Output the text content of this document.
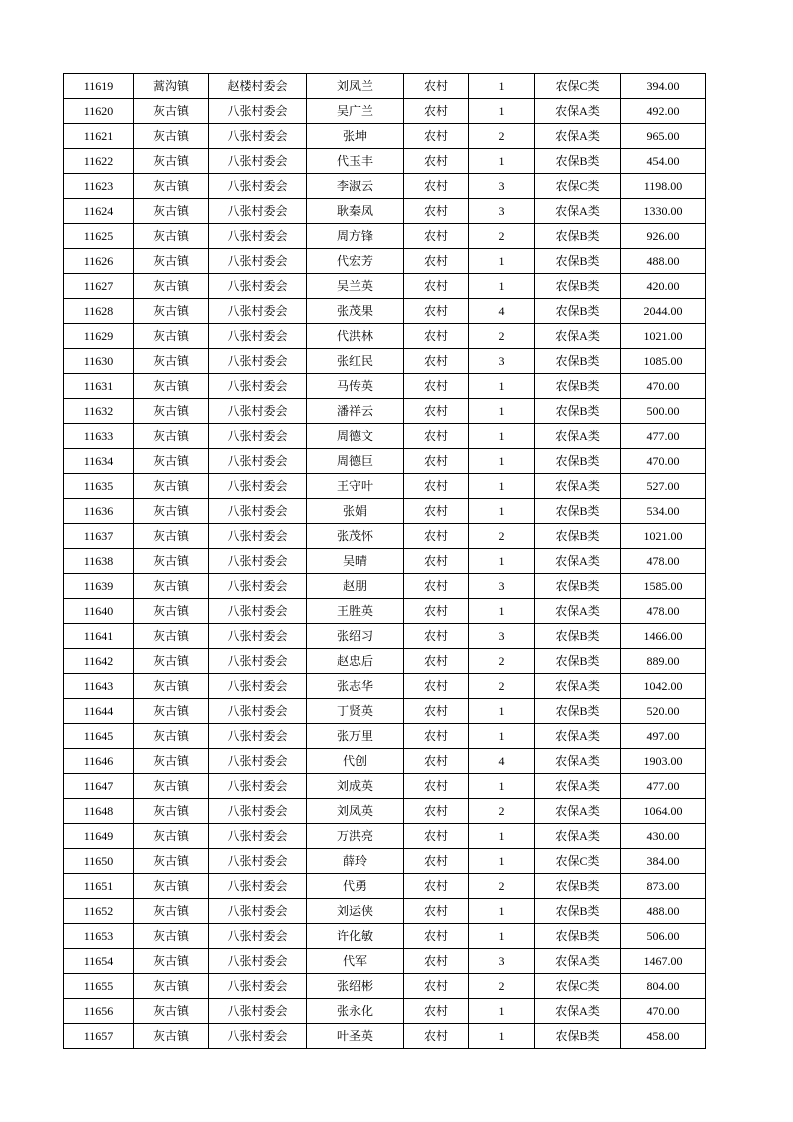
11619	蒿沟镇	赵楼村委会	刘凤兰	农村	1	农保C类	394.00
11620	灰古镇	八张村委会	吴广兰	农村	1	农保A类	492.00
11621	灰古镇	八张村委会	张坤	农村	2	农保A类	965.00
11622	灰古镇	八张村委会	代玉丰	农村	1	农保B类	454.00
11623	灰古镇	八张村委会	李淑云	农村	3	农保C类	1198.00
11624	灰古镇	八张村委会	耿秦凤	农村	3	农保A类	1330.00
11625	灰古镇	八张村委会	周方锋	农村	2	农保B类	926.00
11626	灰古镇	八张村委会	代宏芳	农村	1	农保B类	488.00
11627	灰古镇	八张村委会	吴兰英	农村	1	农保B类	420.00
11628	灰古镇	八张村委会	张茂果	农村	4	农保B类	2044.00
11629	灰古镇	八张村委会	代洪林	农村	2	农保A类	1021.00
11630	灰古镇	八张村委会	张红民	农村	3	农保B类	1085.00
11631	灰古镇	八张村委会	马传英	农村	1	农保B类	470.00
11632	灰古镇	八张村委会	潘祥云	农村	1	农保B类	500.00
11633	灰古镇	八张村委会	周德文	农村	1	农保A类	477.00
11634	灰古镇	八张村委会	周德巨	农村	1	农保B类	470.00
11635	灰古镇	八张村委会	王守叶	农村	1	农保A类	527.00
11636	灰古镇	八张村委会	张娟	农村	1	农保B类	534.00
11637	灰古镇	八张村委会	张茂怀	农村	2	农保B类	1021.00
11638	灰古镇	八张村委会	吴晴	农村	1	农保A类	478.00
11639	灰古镇	八张村委会	赵朋	农村	3	农保B类	1585.00
11640	灰古镇	八张村委会	王胜英	农村	1	农保A类	478.00
11641	灰古镇	八张村委会	张绍习	农村	3	农保B类	1466.00
11642	灰古镇	八张村委会	赵忠后	农村	2	农保B类	889.00
11643	灰古镇	八张村委会	张志华	农村	2	农保A类	1042.00
11644	灰古镇	八张村委会	丁贤英	农村	1	农保B类	520.00
11645	灰古镇	八张村委会	张万里	农村	1	农保A类	497.00
11646	灰古镇	八张村委会	代创	农村	4	农保A类	1903.00
11647	灰古镇	八张村委会	刘成英	农村	1	农保A类	477.00
11648	灰古镇	八张村委会	刘凤英	农村	2	农保A类	1064.00
11649	灰古镇	八张村委会	万洪亮	农村	1	农保A类	430.00
11650	灰古镇	八张村委会	薛玲	农村	1	农保C类	384.00
11651	灰古镇	八张村委会	代勇	农村	2	农保B类	873.00
11652	灰古镇	八张村委会	刘运侠	农村	1	农保B类	488.00
11653	灰古镇	八张村委会	许化敏	农村	1	农保B类	506.00
11654	灰古镇	八张村委会	代军	农村	3	农保A类	1467.00
11655	灰古镇	八张村委会	张绍彬	农村	2	农保C类	804.00
11656	灰古镇	八张村委会	张永化	农村	1	农保A类	470.00
11657	灰古镇	八张村委会	叶圣英	农村	1	农保B类	458.00
